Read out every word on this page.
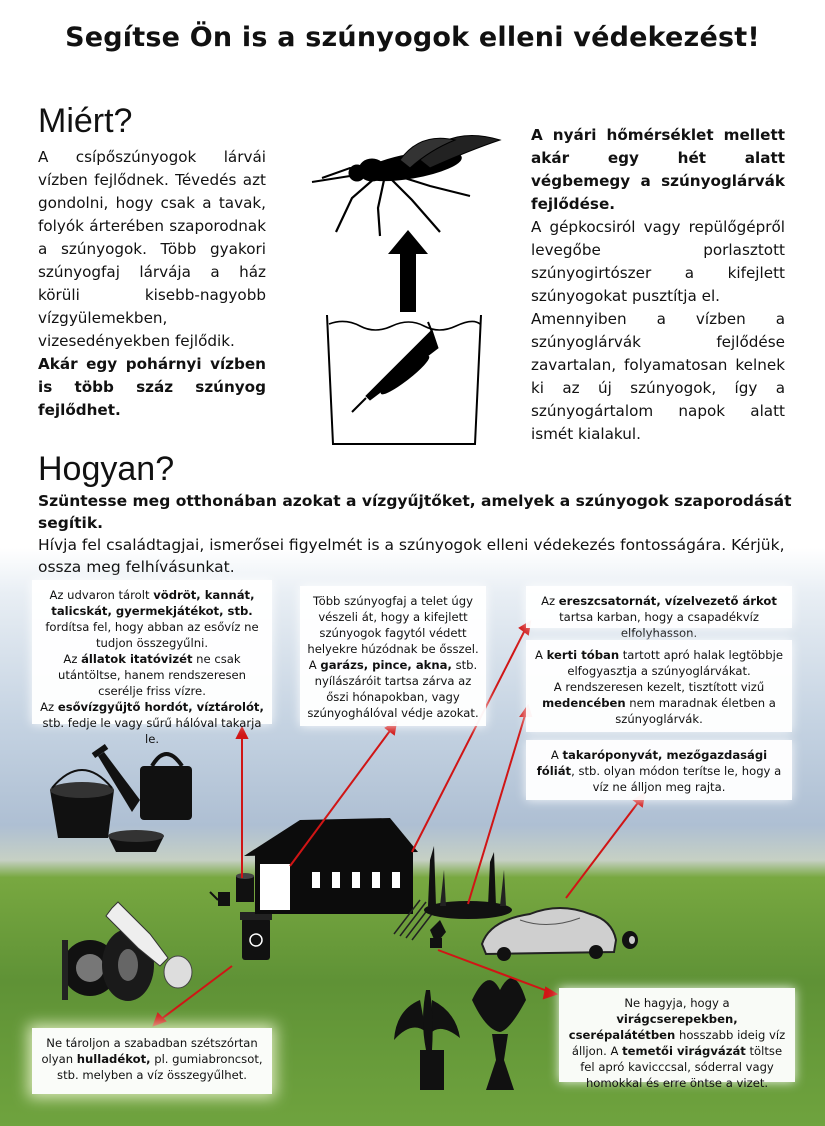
Segítse Ön is a szúnyogok elleni védekezést!
Miért?

A csípőszúnyogok lárvái vízben fejlődnek. Tévedés azt gondolni, hogy csak a tavak, folyók árterében szaporodnak a szúnyogok. Több gyakori szúnyogfaj lárvája a ház körüli kisebb-nagyobb vízgyülemekben, vizesedényekben fejlődik.

Akár egy pohárnyi vízben is több száz szúnyog fejlődhet.

A nyári hőmérséklet mellett akár egy hét alatt végbemegy a szúnyoglárvák fejlődése.

A gépkocsiról vagy repülőgépről levegőbe porlasztott szúnyogirtószer a kifejlett szúnyogokat pusztítja el.

Amennyiben a vízben a szúnyoglárvák fejlődése zavartalan, folyamatosan kelnek ki az új szúnyogok, így a szúnyogártalom napok alatt ismét kialakul.

Hogyan?

Szüntesse meg otthonában azokat a vízgyűjtőket, amelyek a szúnyogok szaporodását segítik.

Hívja fel családtagjai, ismerősei figyelmét is a szúnyogok elleni védekezés fontosságára. Kérjük, ossza meg felhívásunkat.

Az udvaron tárolt vödröt, kannát, talicskát, gyermekjátékot, stb. fordítsa fel, hogy abban az esővíz ne tudjon összegyűlni.

Az állatok itatóvizét ne csak utántöltse, hanem rendszeresen cserélje friss vízre.

Az esővízgyűjtő hordót, víztárolót, stb. fedje le vagy sűrű hálóval takarja le.

Több szúnyogfaj a telet úgy vészeli át, hogy a kifejlett szúnyogok fagytól védett helyekre húzódnak be ősszel. A garázs, pince, akna, stb. nyílászáróit tartsa zárva az őszi hónapokban, vagy szúnyoghálóval védje azokat.

Az ereszcsatornát, vízelvezető árkot tartsa karban, hogy a csapadékvíz elfolyhasson.

A kerti tóban tartott apró halak legtöbbje elfogyasztja a szúnyoglárvákat.

A rendszeresen kezelt, tisztított vizű medencében nem maradnak életben a szúnyoglárvák.

A takaróponyvát, mezőgazdasági fóliát, stb. olyan módon terítse le, hogy a víz ne álljon meg rajta.

Ne hagyja, hogy a virágcserepekben, cserépalátétben hosszabb ideig víz álljon. A temetői virágvázát töltse fel apró kavicccsal, sóderral vagy homokkal és erre öntse a vizet.

Ne tároljon a szabadban szétszórtan olyan hulladékot, pl. gumiabroncsot, stb. melyben a víz összegyűlhet.
